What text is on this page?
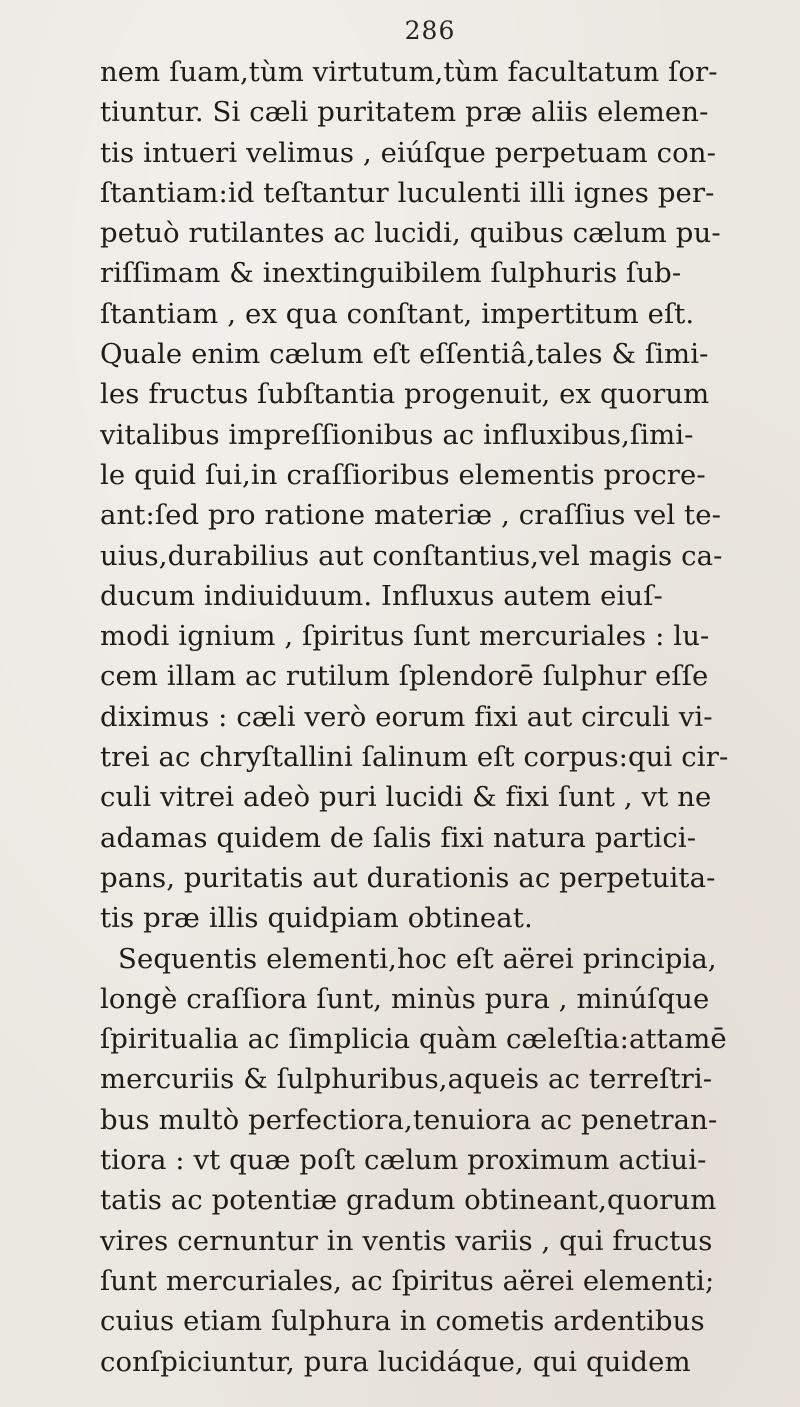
286
nem ſuam,tùm virtutum,tùm facultatum ſor-
tiuntur. Si cæli puritatem præ aliis elemen-
tis intueri velimus , eiúſque perpetuam con-
ſtantiam:id teſtantur luculenti illi ignes per-
petuò rutilantes ac lucidi, quibus cælum pu-
riſſimam & inextinguibilem ſulphuris ſub-
ſtantiam , ex qua conſtant, impertitum eſt.
Quale enim cælum eſt eſſentiâ,tales & ſimi-
les fructus ſubſtantia progenuit, ex quorum
vitalibus impreſſionibus ac influxibus,ſimi-
le quid ſui,in craſſioribus elementis procre-
ant:ſed pro ratione materiæ , craſſius vel te-
uius,durabilius aut conſtantius,vel magis ca-
ducum indiuiduum. Influxus autem eiuſ-
modi ignium , ſpiritus ſunt mercuriales : lu-
cem illam ac rutilum ſplendorē ſulphur eſſe
diximus : cæli verò eorum fixi aut circuli vi-
trei ac chryſtallini ſalinum eſt corpus:qui cir-
culi vitrei adeò puri lucidi & fixi ſunt , vt ne
adamas quidem de ſalis fixi natura partici-
pans, puritatis aut durationis ac perpetuita-
tis præ illis quidpiam obtineat.
Sequentis elementi,hoc eſt aërei principia,
longè craſſiora ſunt, minùs pura , minúſque
ſpiritualia ac ſimplicia quàm cæleſtia:attamē
mercuriis & ſulphuribus,aqueis ac terreſtri-
bus multò perfectiora,tenuiora ac penetran-
tiora : vt quæ poſt cælum proximum actiui-
tatis ac potentiæ gradum obtineant,quorum
vires cernuntur in ventis variis , qui fructus
ſunt mercuriales, ac ſpiritus aërei elementi;
cuius etiam ſulphura in cometis ardentibus
conſpiciuntur, pura lucidáque, qui quidem
